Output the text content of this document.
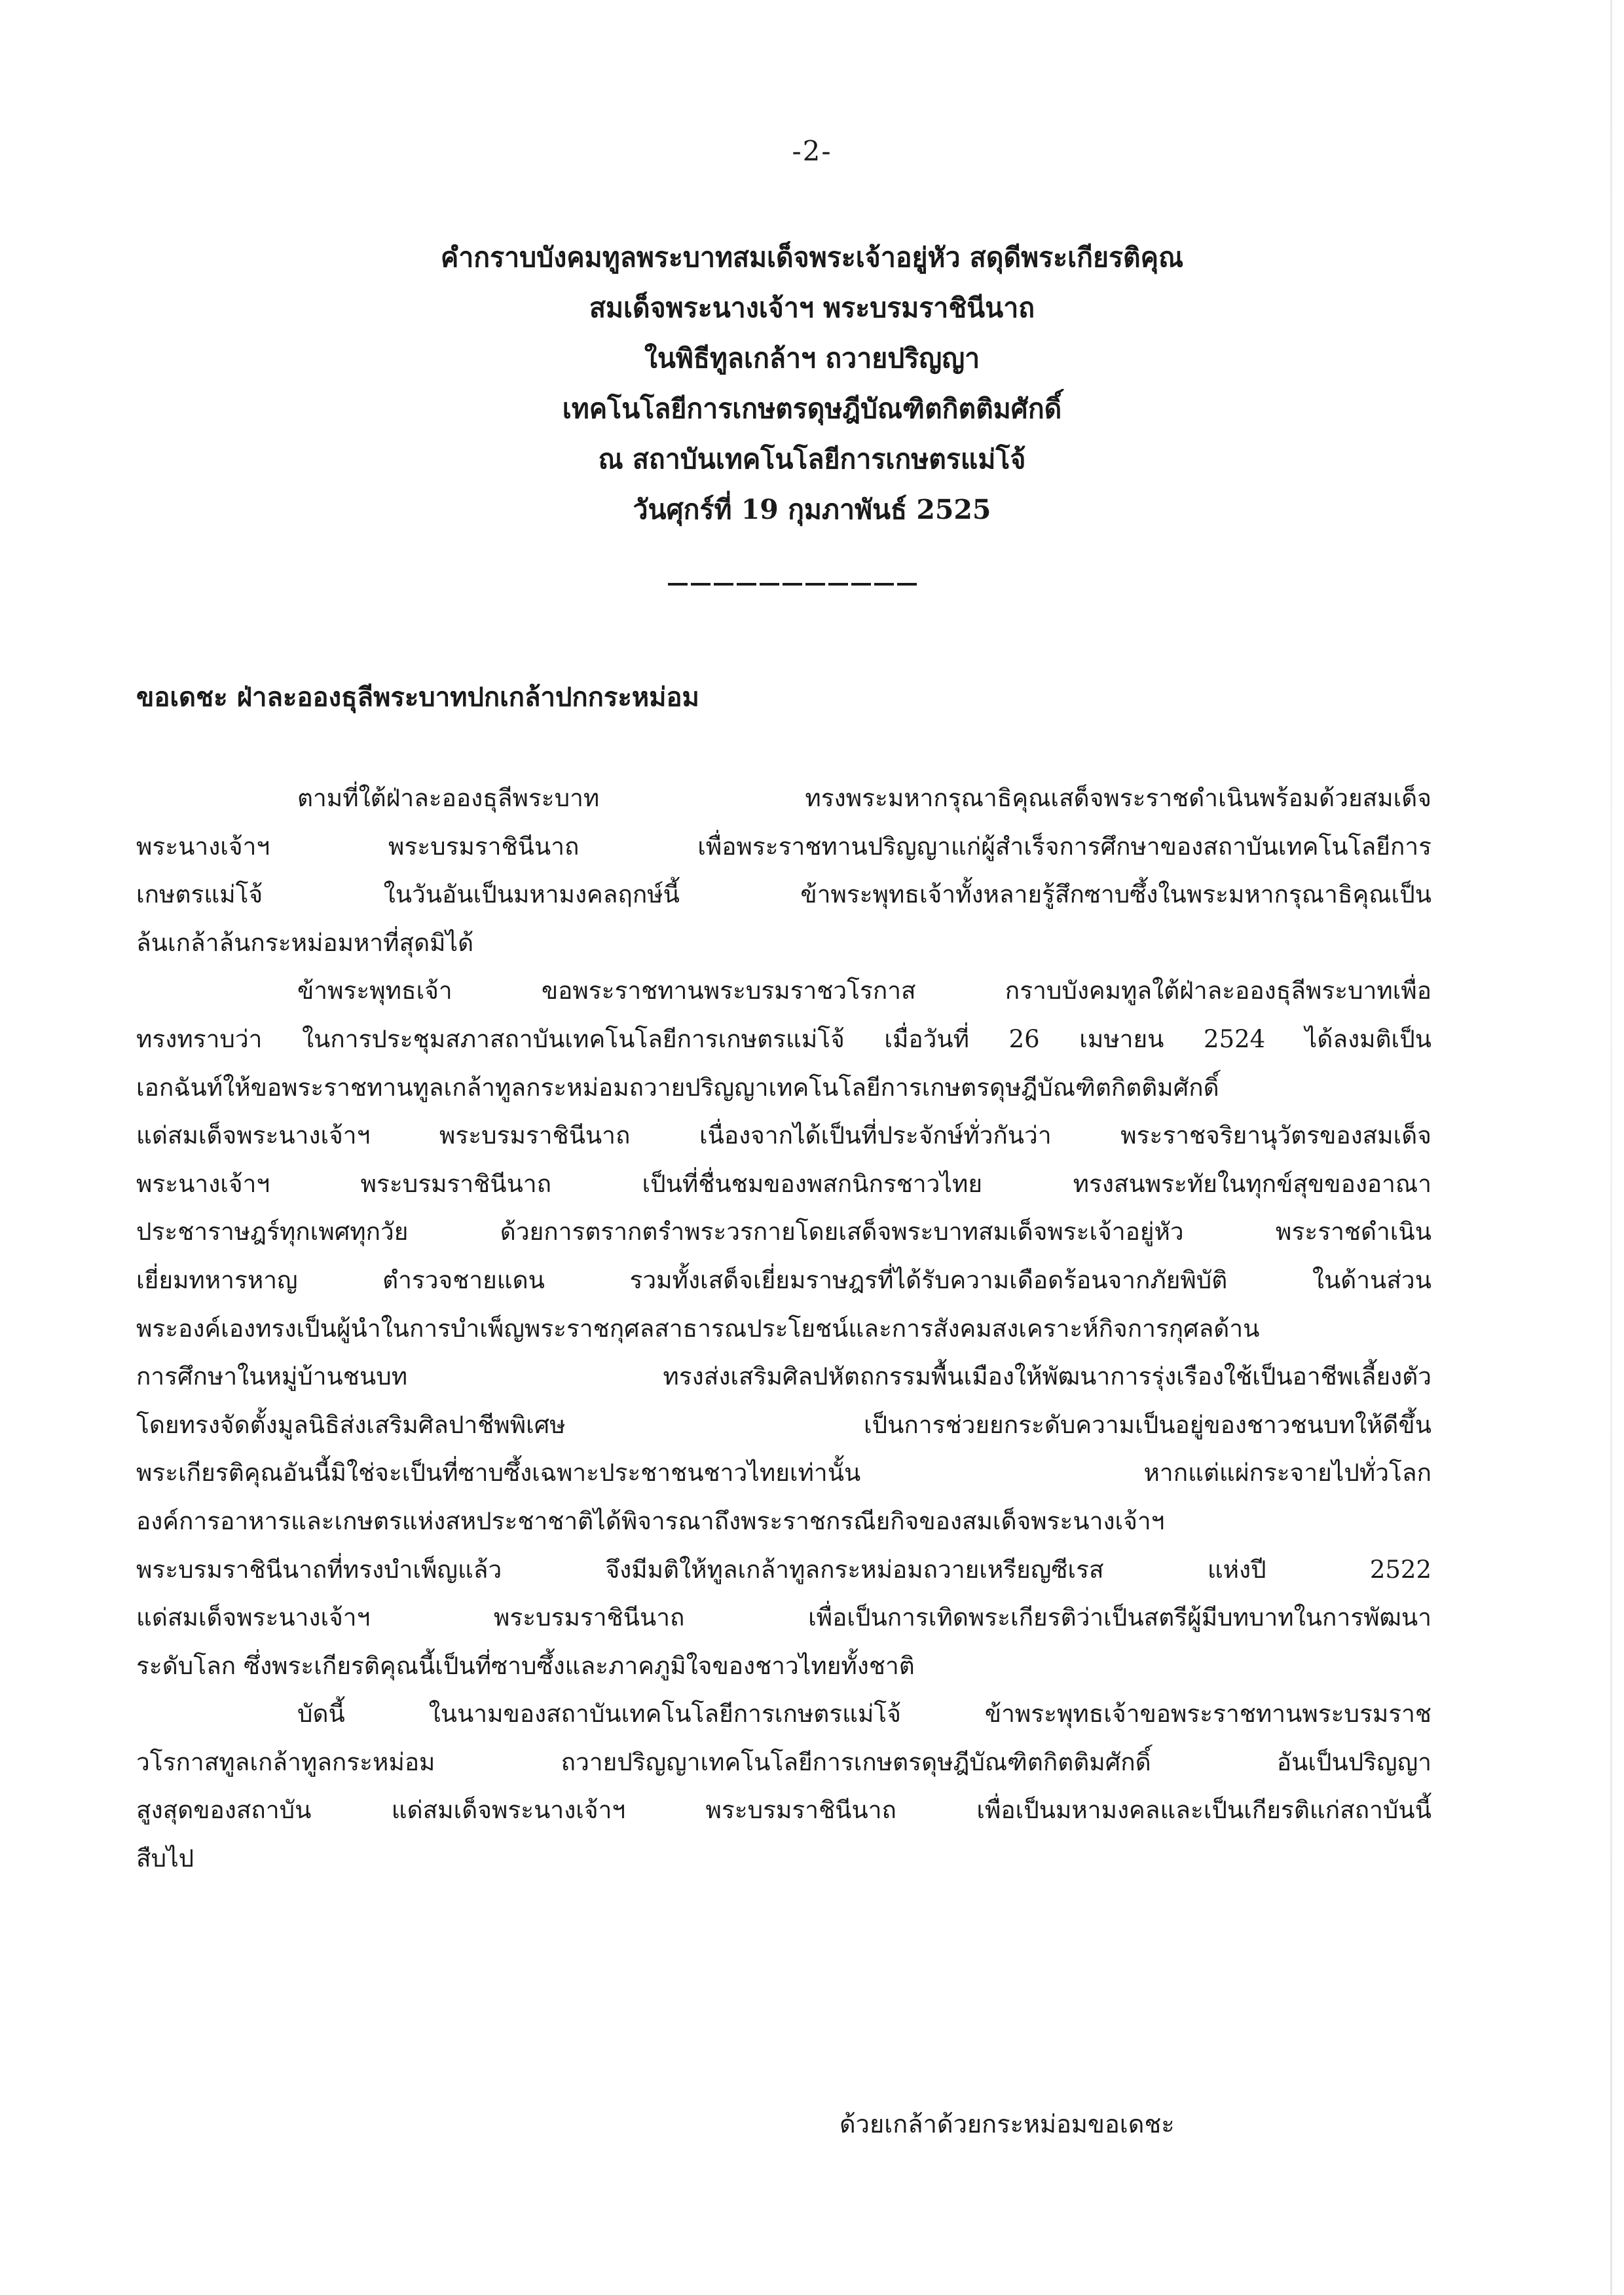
-2-
คำกราบบังคมทูลพระบาทสมเด็จพระเจ้าอยู่หัว สดุดีพระเกียรติคุณ
สมเด็จพระนางเจ้าฯ พระบรมราชินีนาถ
ในพิธีทูลเกล้าฯ ถวายปริญญา
เทคโนโลยีการเกษตรดุษฎีบัณฑิตกิตติมศักดิ์
ณ สถาบันเทคโนโลยีการเกษตรแม่โจ้
วันศุกร์ที่ 19 กุมภาพันธ์ 2525
ขอเดชะ ฝ่าละอองธุลีพระบาทปกเกล้าปกกระหม่อม
ตามที่ใต้ฝ่าละอองธุลีพระบาท ทรงพระมหากรุณาธิคุณเสด็จพระราชดำเนินพร้อมด้วยสมเด็จ
พระนางเจ้าฯ พระบรมราชินีนาถ เพื่อพระราชทานปริญญาแก่ผู้สำเร็จการศึกษาของสถาบันเทคโนโลยีการ
เกษตรแม่โจ้ ในวันอันเป็นมหามงคลฤกษ์นี้ ข้าพระพุทธเจ้าทั้งหลายรู้สึกซาบซึ้งในพระมหากรุณาธิคุณเป็น
ล้นเกล้าล้นกระหม่อมหาที่สุดมิได้
ข้าพระพุทธเจ้า ขอพระราชทานพระบรมราชวโรกาส กราบบังคมทูลใต้ฝ่าละอองธุลีพระบาทเพื่อ
ทรงทราบว่า ในการประชุมสภาสถาบันเทคโนโลยีการเกษตรแม่โจ้ เมื่อวันที่ 26 เมษายน 2524 ได้ลงมติเป็น
เอกฉันท์ให้ขอพระราชทานทูลเกล้าทูลกระหม่อมถวายปริญญาเทคโนโลยีการเกษตรดุษฎีบัณฑิตกิตติมศักดิ์
แด่สมเด็จพระนางเจ้าฯ พระบรมราชินีนาถ เนื่องจากได้เป็นที่ประจักษ์ทั่วกันว่า พระราชจริยานุวัตรของสมเด็จ
พระนางเจ้าฯ พระบรมราชินีนาถ เป็นที่ชื่นชมของพสกนิกรชาวไทย ทรงสนพระทัยในทุกข์สุขของอาณา
ประชาราษฎร์ทุกเพศทุกวัย ด้วยการตรากตรำพระวรกายโดยเสด็จพระบาทสมเด็จพระเจ้าอยู่หัว พระราชดำเนิน
เยี่ยมทหารหาญ ตำรวจชายแดน รวมทั้งเสด็จเยี่ยมราษฎรที่ได้รับความเดือดร้อนจากภัยพิบัติ ในด้านส่วน
พระองค์เองทรงเป็นผู้นำในการบำเพ็ญพระราชกุศลสาธารณประโยชน์และการสังคมสงเคราะห์กิจการกุศลด้าน
การศึกษาในหมู่บ้านชนบท ทรงส่งเสริมศิลปหัตถกรรมพื้นเมืองให้พัฒนาการรุ่งเรืองใช้เป็นอาชีพเลี้ยงตัว
โดยทรงจัดตั้งมูลนิธิส่งเสริมศิลปาชีพพิเศษ เป็นการช่วยยกระดับความเป็นอยู่ของชาวชนบทให้ดีขึ้น
พระเกียรติคุณอันนี้มิใช่จะเป็นที่ซาบซึ้งเฉพาะประชาชนชาวไทยเท่านั้น หากแต่แผ่กระจายไปทั่วโลก
องค์การอาหารและเกษตรแห่งสหประชาชาติได้พิจารณาถึงพระราชกรณียกิจของสมเด็จพระนางเจ้าฯ
พระบรมราชินีนาถที่ทรงบำเพ็ญแล้ว จึงมีมติให้ทูลเกล้าทูลกระหม่อมถวายเหรียญซีเรส แห่งปี 2522
แด่สมเด็จพระนางเจ้าฯ พระบรมราชินีนาถ เพื่อเป็นการเทิดพระเกียรติว่าเป็นสตรีผู้มีบทบาทในการพัฒนา
ระดับโลก ซึ่งพระเกียรติคุณนี้เป็นที่ซาบซึ้งและภาคภูมิใจของชาวไทยทั้งชาติ
บัดนี้ ในนามของสถาบันเทคโนโลยีการเกษตรแม่โจ้ ข้าพระพุทธเจ้าขอพระราชทานพระบรมราช
วโรกาสทูลเกล้าทูลกระหม่อม ถวายปริญญาเทคโนโลยีการเกษตรดุษฎีบัณฑิตกิตติมศักดิ์ อันเป็นปริญญา
สูงสุดของสถาบัน แด่สมเด็จพระนางเจ้าฯ พระบรมราชินีนาถ เพื่อเป็นมหามงคลและเป็นเกียรติแก่สถาบันนี้
สืบไป
ด้วยเกล้าด้วยกระหม่อมขอเดชะ
